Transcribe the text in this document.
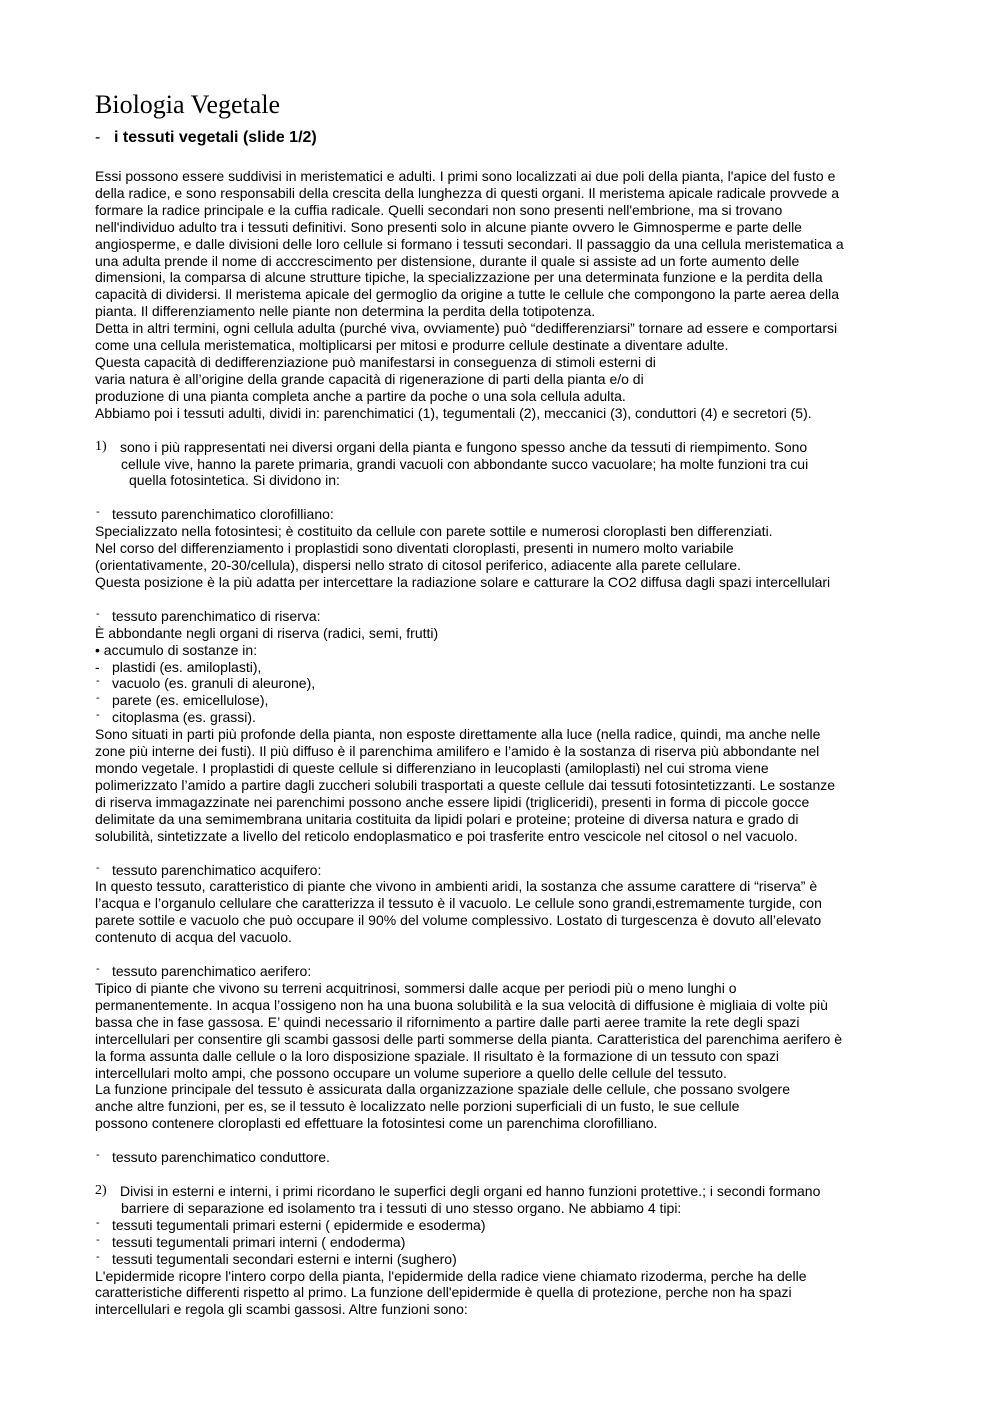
Biologia Vegetale
- i tessuti vegetali (slide 1/2)

Essi possono essere suddivisi in meristematici e adulti. I primi sono localizzati ai due poli della pianta, l'apice del fusto e

della radice, e sono responsabili della crescita della lunghezza di questi organi. Il meristema apicale radicale provvede a

formare la radice principale e la cuffia radicale. Quelli secondari non sono presenti nell'embrione, ma si trovano

nell'individuo adulto tra i tessuti definitivi. Sono presenti solo in alcune piante ovvero le Gimnosperme e parte delle

angiosperme, e dalle divisioni delle loro cellule si formano i tessuti secondari. Il passaggio da una cellula meristematica a

una adulta prende il nome di acccrescimento per distensione, durante il quale si assiste ad un forte aumento delle

dimensioni, la comparsa di alcune strutture tipiche, la specializzazione per una determinata funzione e la perdita della

capacità di dividersi. Il meristema apicale del germoglio da origine a tutte le cellule che compongono la parte aerea della

pianta. Il differenziamento nelle piante non determina la perdita della totipotenza.

Detta in altri termini, ogni cellula adulta (purché viva, ovviamente) può “dedifferenziarsi” tornare ad essere e comportarsi

come una cellula meristematica, moltiplicarsi per mitosi e produrre cellule destinate a diventare adulte.

Questa capacità di dedifferenziazione può manifestarsi in conseguenza di stimoli esterni di

varia natura è all’origine della grande capacità di rigenerazione di parti della pianta e/o di

produzione di una pianta completa anche a partire da poche o una sola cellula adulta.

Abbiamo poi i tessuti adulti, dividi in: parenchimatici (1), tegumentali (2), meccanici (3), conduttori (4) e secretori (5).

1) sono i più rappresentati nei diversi organi della pianta e fungono spesso anche da tessuti di riempimento. Sono

cellule vive, hanno la parete primaria, grandi vacuoli con abbondante succo vacuolare; ha molte funzioni tra cui

quella fotosintetica. Si dividono in:

- tessuto parenchimatico clorofilliano:

Specializzato nella fotosintesi; è costituito da cellule con parete sottile e numerosi cloroplasti ben differenziati.

Nel corso del differenziamento i proplastidi sono diventati cloroplasti, presenti in numero molto variabile

(orientativamente, 20-30/cellula), dispersi nello strato di citosol periferico, adiacente alla parete cellulare.

Questa posizione è la più adatta per intercettare la radiazione solare e catturare la CO2 diffusa dagli spazi intercellulari

- tessuto parenchimatico di riserva:

È abbondante negli organi di riserva (radici, semi, frutti)

• accumulo di sostanze in:

- plastidi (es. amiloplasti),

- vacuolo (es. granuli di aleurone),

- parete (es. emicellulose),

- citoplasma (es. grassi).

Sono situati in parti più profonde della pianta, non esposte direttamente alla luce (nella radice, quindi, ma anche nelle

zone più interne dei fusti). Il più diffuso è il parenchima amilifero e l’amido è la sostanza di riserva più abbondante nel

mondo vegetale. I proplastidi di queste cellule si differenziano in leucoplasti (amiloplasti) nel cui stroma viene

polimerizzato l’amido a partire dagli zuccheri solubili trasportati a queste cellule dai tessuti fotosintetizzanti. Le sostanze

di riserva immagazzinate nei parenchimi possono anche essere lipidi (trigliceridi), presenti in forma di piccole gocce

delimitate da una semimembrana unitaria costituita da lipidi polari e proteine; proteine di diversa natura e grado di

solubilità, sintetizzate a livello del reticolo endoplasmatico e poi trasferite entro vescicole nel citosol o nel vacuolo.

- tessuto parenchimatico acquifero:

In questo tessuto, caratteristico di piante che vivono in ambienti aridi, la sostanza che assume carattere di “riserva” è

l’acqua e l’organulo cellulare che caratterizza il tessuto è il vacuolo. Le cellule sono grandi,estremamente turgide, con

parete sottile e vacuolo che può occupare il 90% del volume complessivo. Lostato di turgescenza è dovuto all’elevato

contenuto di acqua del vacuolo.

- tessuto parenchimatico aerifero:

Tipico di piante che vivono su terreni acquitrinosi, sommersi dalle acque per periodi più o meno lunghi o

permanentemente. In acqua l’ossigeno non ha una buona solubilità e la sua velocità di diffusione è migliaia di volte più

bassa che in fase gassosa. E’ quindi necessario il rifornimento a partire dalle parti aeree tramite la rete degli spazi

intercellulari per consentire gli scambi gassosi delle parti sommerse della pianta. Caratteristica del parenchima aerifero è

la forma assunta dalle cellule o la loro disposizione spaziale. Il risultato è la formazione di un tessuto con spazi

intercellulari molto ampi, che possono occupare un volume superiore a quello delle cellule del tessuto.

La funzione principale del tessuto è assicurata dalla organizzazione spaziale delle cellule, che possano svolgere

anche altre funzioni, per es, se il tessuto è localizzato nelle porzioni superficiali di un fusto, le sue cellule

possono contenere cloroplasti ed effettuare la fotosintesi come un parenchima clorofilliano.

- tessuto parenchimatico conduttore.

2) Divisi in esterni e interni, i primi ricordano le superfici degli organi ed hanno funzioni protettive.; i secondi formano

barriere di separazione ed isolamento tra i tessuti di uno stesso organo. Ne abbiamo 4 tipi:

- tessuti tegumentali primari esterni ( epidermide e esoderma)

- tessuti tegumentali primari interni ( endoderma)

- tessuti tegumentali secondari esterni e interni (sughero)

L'epidermide ricopre l'intero corpo della pianta, l'epidermide della radice viene chiamato rizoderma, perche ha delle

caratteristiche differenti rispetto al primo. La funzione dell'epidermide è quella di protezione, perche non ha spazi

intercellulari e regola gli scambi gassosi. Altre funzioni sono:
